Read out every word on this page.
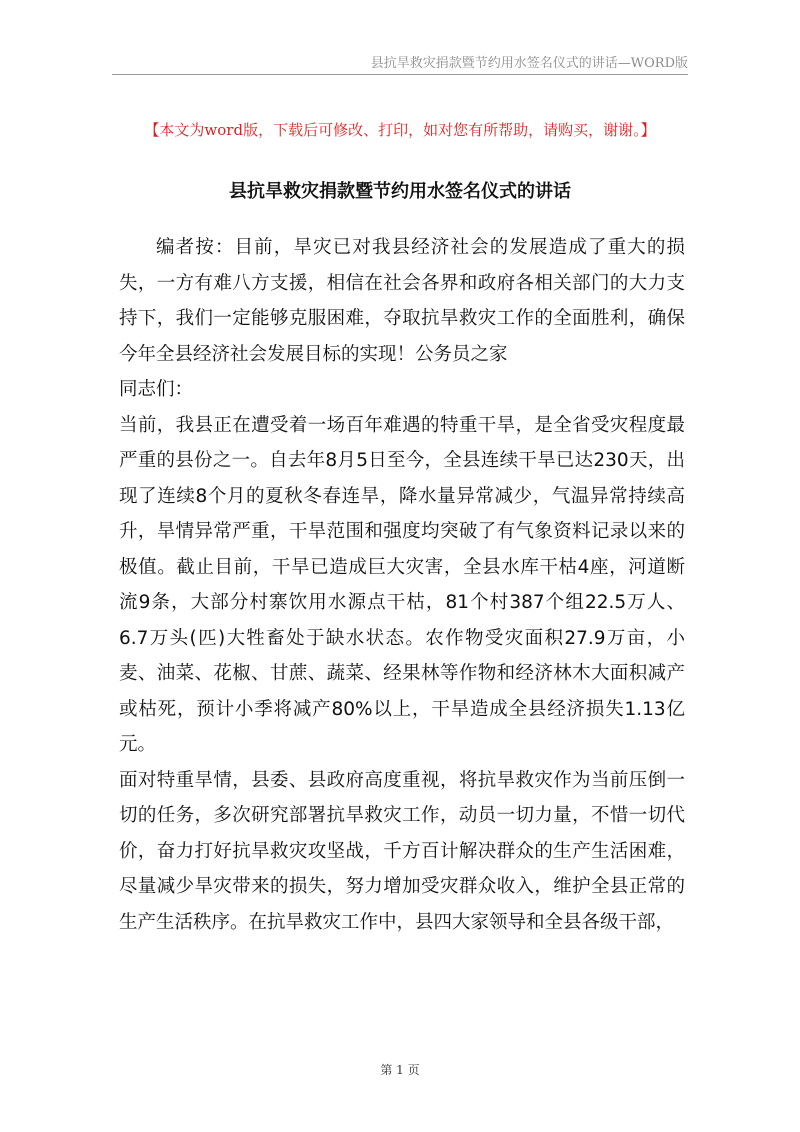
县抗旱救灾捐款暨节约用水签名仪式的讲话—WORD版
【本文为word版，下载后可修改、打印，如对您有所帮助，请购买，谢谢。】
县抗旱救灾捐款暨节约用水签名仪式的讲话

编者按：目前，旱灾已对我县经济社会的发展造成了重大的损失，一方有难八方支援，相信在社会各界和政府各相关部门的大力支持下，我们一定能够克服困难，夺取抗旱救灾工作的全面胜利，确保今年全县经济社会发展目标的实现！公务员之家

同志们：

当前，我县正在遭受着一场百年难遇的特重干旱，是全省受灾程度最严重的县份之一。自去年8月5日至今，全县连续干旱已达230天，出现了连续8个月的夏秋冬春连旱，降水量异常减少，气温异常持续高升，旱情异常严重，干旱范围和强度均突破了有气象资料记录以来的极值。截止目前，干旱已造成巨大灾害，全县水库干枯4座，河道断流9条，大部分村寨饮用水源点干枯，81个村387个组22.5万人、6.7万头(匹)大牲畜处于缺水状态。农作物受灾面积27.9万亩，小麦、油菜、花椒、甘蔗、蔬菜、经果林等作物和经济林木大面积减产或枯死，预计小季将减产80%以上，干旱造成全县经济损失1.13亿元。

面对特重旱情，县委、县政府高度重视，将抗旱救灾作为当前压倒一切的任务，多次研究部署抗旱救灾工作，动员一切力量，不惜一切代价，奋力打好抗旱救灾攻坚战，千方百计解决群众的生产生活困难，尽量减少旱灾带来的损失，努力增加受灾群众收入，维护全县正常的生产生活秩序。在抗旱救灾工作中，县四大家领导和全县各级干部，

第 1 页
